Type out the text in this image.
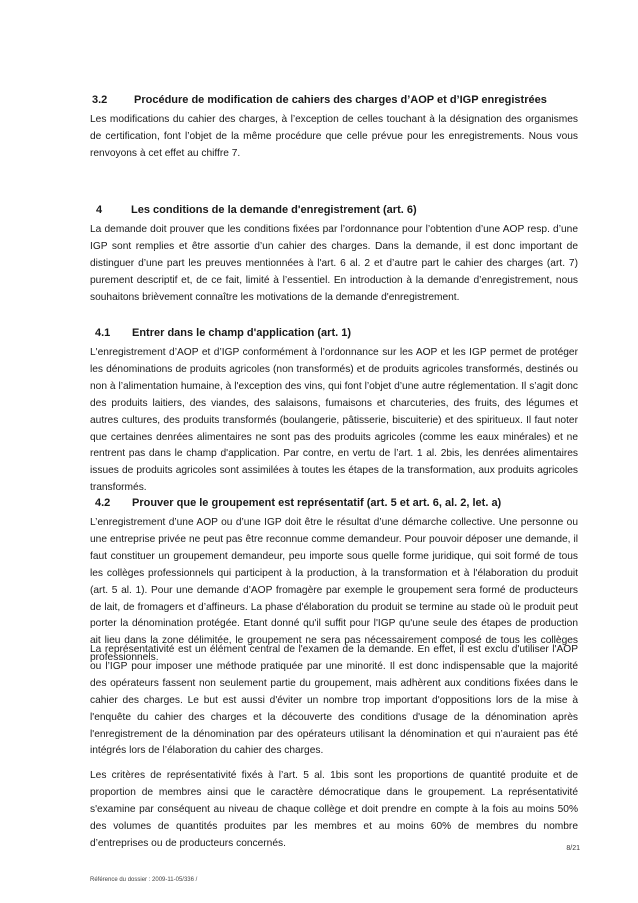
3.2 Procédure de modification de cahiers des charges d’AOP et d’IGP enregistrées

Les modifications du cahier des charges, à l’exception de celles touchant à la désignation des organismes de certification, font l’objet de la même procédure que celle prévue pour les enregistrements. Nous vous renvoyons à cet effet au chiffre 7.

4	Les conditions de la demande d'enregistrement (art. 6)

La demande doit prouver que les conditions fixées par l’ordonnance pour l’obtention d’une AOP resp. d’une IGP sont remplies et être assortie d’un cahier des charges. Dans la demande, il est donc important de distinguer d’une part les preuves mentionnées à l'art. 6 al. 2 et d’autre part le cahier des charges (art. 7) purement descriptif et, de ce fait, limité à l’essentiel. En introduction à la demande d’enregistrement, nous souhaitons brièvement connaître les motivations de la demande d'enregistrement.

4.1 Entrer dans le champ d'application (art. 1)

L'enregistrement d’AOP et d’IGP conformément à l’ordonnance sur les AOP et les IGP permet de protéger les dénominations de produits agricoles (non transformés) et de produits agricoles transformés, destinés ou non à l’alimentation humaine, à l'exception des vins, qui font l’objet d’une autre réglementation. Il s’agit donc des produits laitiers, des viandes, des salaisons, fumaisons et charcuteries, des fruits, des légumes et autres cultures, des produits transformés (boulangerie, pâtisserie, biscuiterie) et des spiritueux. Il faut noter que certaines denrées alimentaires ne sont pas des produits agricoles (comme les eaux minérales) et ne rentrent pas dans le champ d'application. Par contre, en vertu de l’art. 1 al. 2bis, les denrées alimentaires issues de produits agricoles sont assimilées à toutes les étapes de la transformation, aux produits agricoles transformés.

4.2 Prouver que le groupement est représentatif (art. 5 et art. 6, al. 2, let. a)

L’enregistrement d’une AOP ou d’une IGP doit être le résultat d’une démarche collective. Une personne ou une entreprise privée ne peut pas être reconnue comme demandeur. Pour pouvoir déposer une demande, il faut constituer un groupement demandeur, peu importe sous quelle forme juridique, qui soit formé de tous les collèges professionnels qui participent à la production, à la transformation et à l'élaboration du produit (art. 5 al. 1). Pour une demande d’AOP fromagère par exemple le groupement sera formé de producteurs de lait, de fromagers et d’affineurs. La phase d'élaboration du produit se termine au stade où le produit peut porter la dénomination protégée. Etant donné qu'il suffit pour l'IGP qu'une seule des étapes de production ait lieu dans la zone délimitée, le groupement ne sera pas nécessairement composé de tous les collèges professionnels.

La représentativité est un élément central de l'examen de la demande. En effet, il est exclu d'utiliser l'AOP ou l’IGP pour imposer une méthode pratiquée par une minorité. Il est donc indispensable que la majorité des opérateurs fassent non seulement partie du groupement, mais adhèrent aux conditions fixées dans le cahier des charges. Le but est aussi d'éviter un nombre trop important d'oppositions lors de la mise à l'enquête du cahier des charges et la découverte des conditions d'usage de la dénomination après l'enregistrement de la dénomination par des opérateurs utilisant la dénomination et qui n’auraient pas été intégrés lors de l’élaboration du cahier des charges.

Les critères de représentativité fixés à l’art. 5 al. 1bis sont les proportions de quantité produite et de proportion de membres ainsi que le caractère démocratique dans le groupement. La représentativité s'examine par conséquent au niveau de chaque collège et doit prendre en compte à la fois au moins 50% des volumes de quantités produites par les membres et au moins 60% de membres du nombre d’entreprises ou de producteurs concernés.	8/21
Référence du dossier : 2009-11-05/336 /
